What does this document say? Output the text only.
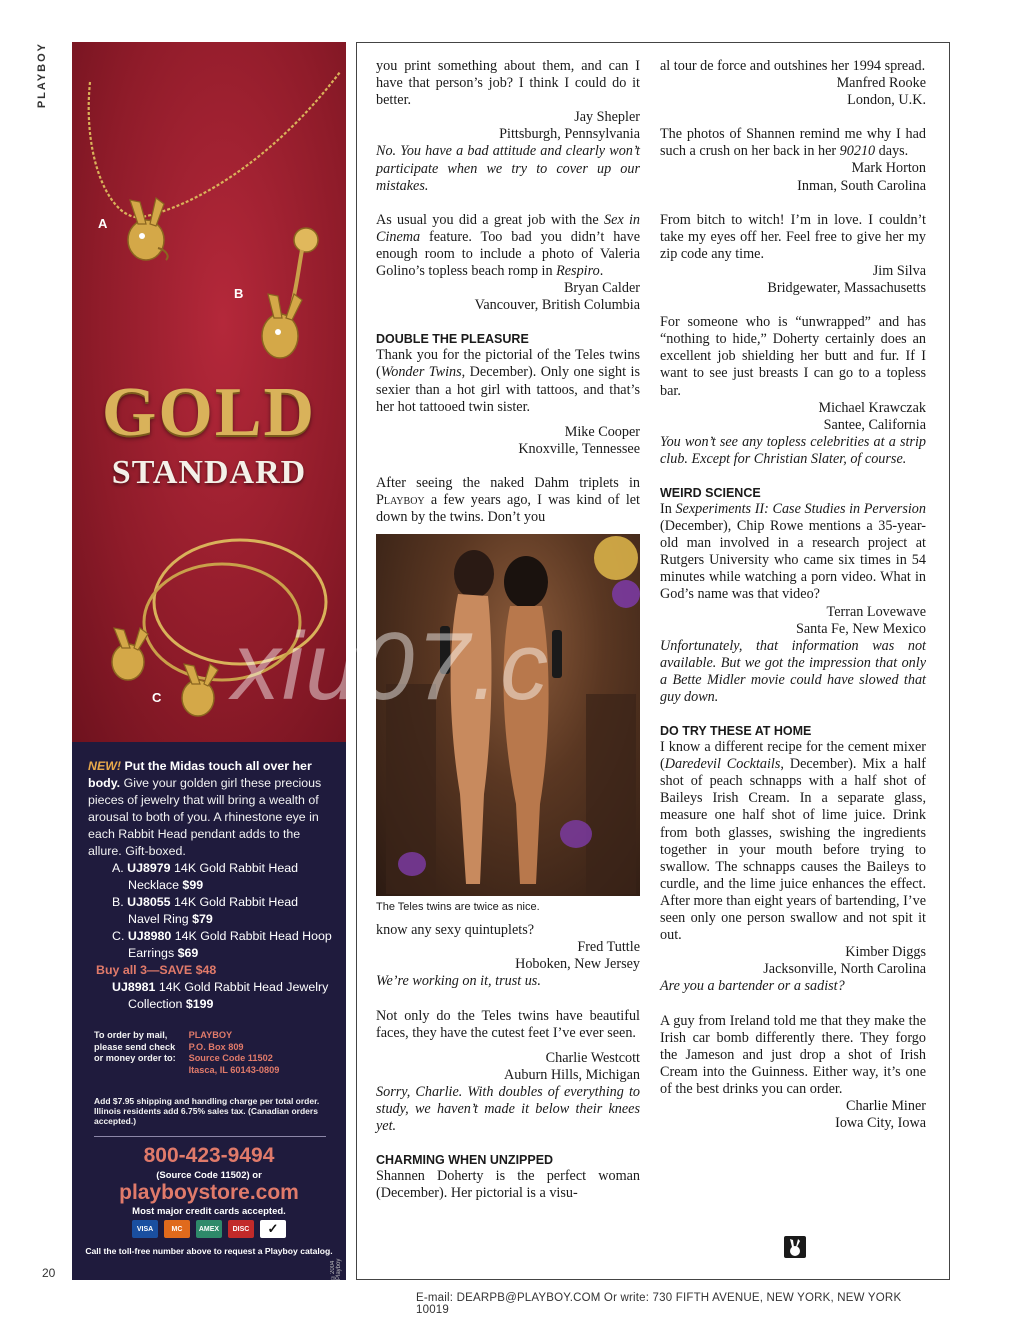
PLAYBOY
20
A
B
C
GOLD
STANDARD
NEW! Put the Midas touch all over her body. Give your golden girl these precious pieces of jewelry that will bring a wealth of arousal to both of you. A rhinestone eye in each Rabbit Head pendant adds to the allure. Gift-boxed.
A. UJ8979 14K Gold Rabbit Head Necklace $99
B. UJ8055 14K Gold Rabbit Head Navel Ring $79
C. UJ8980 14K Gold Rabbit Head Hoop Earrings $69
Buy all 3—SAVE $48
UJ8981 14K Gold Rabbit Head Jewelry Collection $199
To order by mail, please send check or money order to: PLAYBOY
P.O. Box 809
Source Code 11502
Itasca, IL 60143-0809
Add $7.95 shipping and handling charge per total order. Illinois residents add 6.75% sales tax. (Canadian orders accepted.)
800-423-9494
(Source Code 11502) or
playboystore.com
Most major credit cards accepted.
VISA	MC	AMEX	DISC	✓
Call the toll-free number above to request a Playboy catalog.
©2004 Playboy

you print something about them, and can I have that person’s job? I think I could do it better.

Jay Shepler

Pittsburgh, Pennsylvania

No. You have a bad attitude and clearly won’t participate when we try to cover up our mistakes.

As usual you did a great job with the Sex in Cinema feature. Too bad you didn’t have enough room to include a photo of Valeria Golino’s topless beach romp in Respiro.

Bryan Calder

Vancouver, British Columbia

DOUBLE THE PLEASURE

Thank you for the pictorial of the Teles twins (Wonder Twins, December). Only one sight is sexier than a hot girl with tattoos, and that’s her hot tattooed twin sister.

Mike Cooper

Knoxville, Tennessee

After seeing the naked Dahm triplets in Playboy a few years ago, I was kind of let down by the twins. Don’t you

The Teles twins are twice as nice.

know any sexy quintuplets?

Fred Tuttle

Hoboken, New Jersey

We’re working on it, trust us.

Not only do the Teles twins have beautiful faces, they have the cutest feet I’ve ever seen.

Charlie Westcott

Auburn Hills, Michigan

Sorry, Charlie. With doubles of everything to study, we haven’t made it below their knees yet.

CHARMING WHEN UNZIPPED

Shannen Doherty is the perfect woman (December). Her pictorial is a visu-

al tour de force and outshines her 1994 spread.

Manfred Rooke

London, U.K.

The photos of Shannen remind me why I had such a crush on her back in her 90210 days.

Mark Horton

Inman, South Carolina

From bitch to witch! I’m in love. I couldn’t take my eyes off her. Feel free to give her my zip code any time.

Jim Silva

Bridgewater, Massachusetts

For someone who is “unwrapped” and has “nothing to hide,” Doherty certainly does an excellent job shielding her butt and fur. If I want to see just breasts I can go to a topless bar.

Michael Krawczak

Santee, California

You won’t see any topless celebrities at a strip club. Except for Christian Slater, of course.

WEIRD SCIENCE

In Sexperiments II: Case Studies in Perversion (December), Chip Rowe mentions a 35-year-old man involved in a research project at Rutgers University who came six times in 54 minutes while watching a porn video. What in God’s name was that video?

Terran Lovewave

Santa Fe, New Mexico

Unfortunately, that information was not available. But we got the impression that only a Bette Midler movie could have slowed that guy down.

DO TRY THESE AT HOME

I know a different recipe for the cement mixer (Daredevil Cocktails, December). Mix a half shot of peach schnapps with a half shot of Baileys Irish Cream. In a separate glass, measure one half shot of lime juice. Drink from both glasses, swishing the ingredients together in your mouth before trying to swallow. The schnapps causes the Baileys to curdle, and the lime juice enhances the effect. After more than eight years of bartending, I’ve seen only one person swallow and not spit it out.

Kimber Diggs

Jacksonville, North Carolina

Are you a bartender or a sadist?

A guy from Ireland told me that they make the Irish car bomb differently there. They forgo the Jameson and just drop a shot of Irish Cream into the Guinness. Either way, it’s one of the best drinks you can order.

Charlie Miner

Iowa City, Iowa

xiu07.c
E-mail: DEARPB@PLAYBOY.COM Or write: 730 FIFTH AVENUE, NEW YORK, NEW YORK 10019
